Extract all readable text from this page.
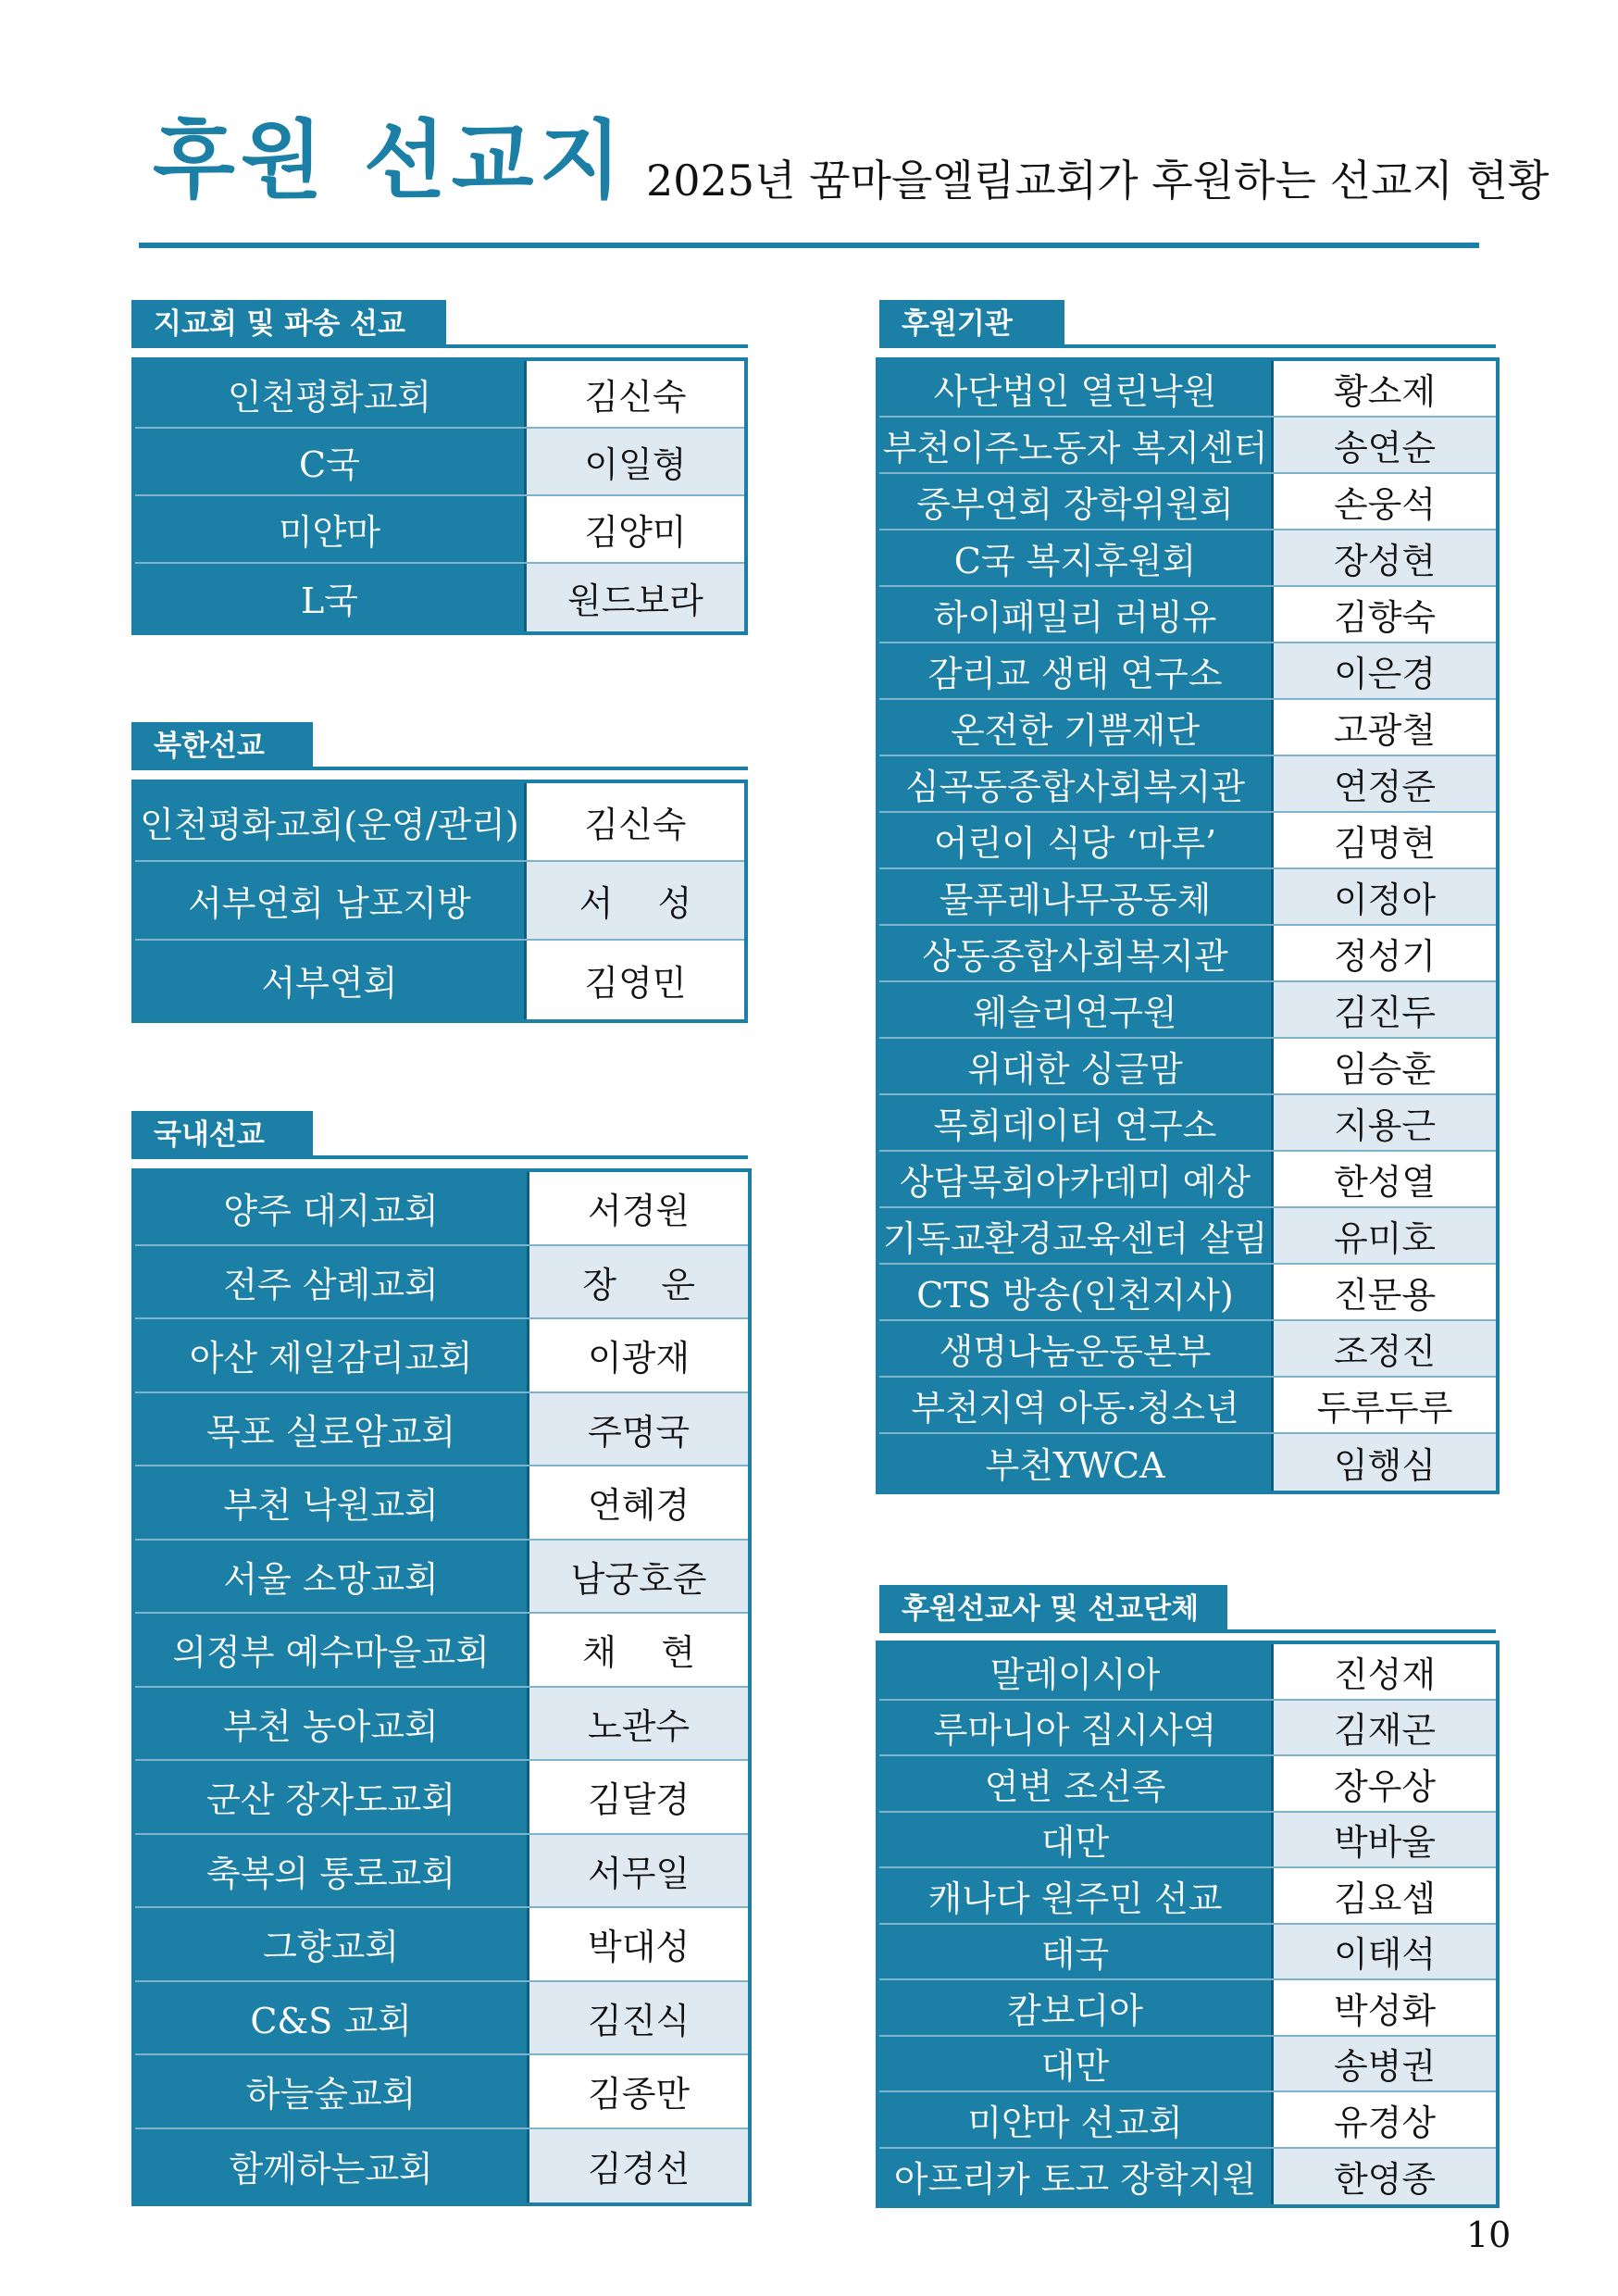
후원 선교지 2025년 꿈마을엘림교회가 후원하는 선교지 현황
지교회 및 파송 선교
인천평화교회	김신숙
C국	이일형
미얀마	김양미
L국	원드보라
북한선교
인천평화교회(운영/관리)	김신숙
서부연회 남포지방	서    성
서부연회	김영민
국내선교
양주 대지교회	서경원
전주 삼례교회	장    운
아산 제일감리교회	이광재
목포 실로암교회	주명국
부천 낙원교회	연혜경
서울 소망교회	남궁호준
의정부 예수마을교회	채    현
부천 농아교회	노관수
군산 장자도교회	김달경
축복의 통로교회	서무일
그향교회	박대성
C&S 교회	김진식
하늘숲교회	김종만
함께하는교회	김경선
후원기관
사단법인 열린낙원	황소제
부천이주노동자 복지센터	송연순
중부연회 장학위원회	손웅석
C국 복지후원회	장성현
하이패밀리 러빙유	김향숙
감리교 생태 연구소	이은경
온전한 기쁨재단	고광철
심곡동종합사회복지관	연정준
어린이 식당 ‘마루’	김명현
물푸레나무공동체	이정아
상동종합사회복지관	정성기
웨슬리연구원	김진두
위대한 싱글맘	임승훈
목회데이터 연구소	지용근
상담목회아카데미 예상	한성열
기독교환경교육센터 살림	유미호
CTS 방송(인천지사)	진문용
생명나눔운동본부	조정진
부천지역 아동·청소년	두루두루
부천YWCA	임행심
후원선교사 및 선교단체
말레이시아	진성재
루마니아 집시사역	김재곤
연변 조선족	장우상
대만	박바울
캐나다 원주민 선교	김요셉
태국	이태석
캄보디아	박성화
대만	송병권
미얀마 선교회	유경상
아프리카 토고 장학지원	한영종
10
